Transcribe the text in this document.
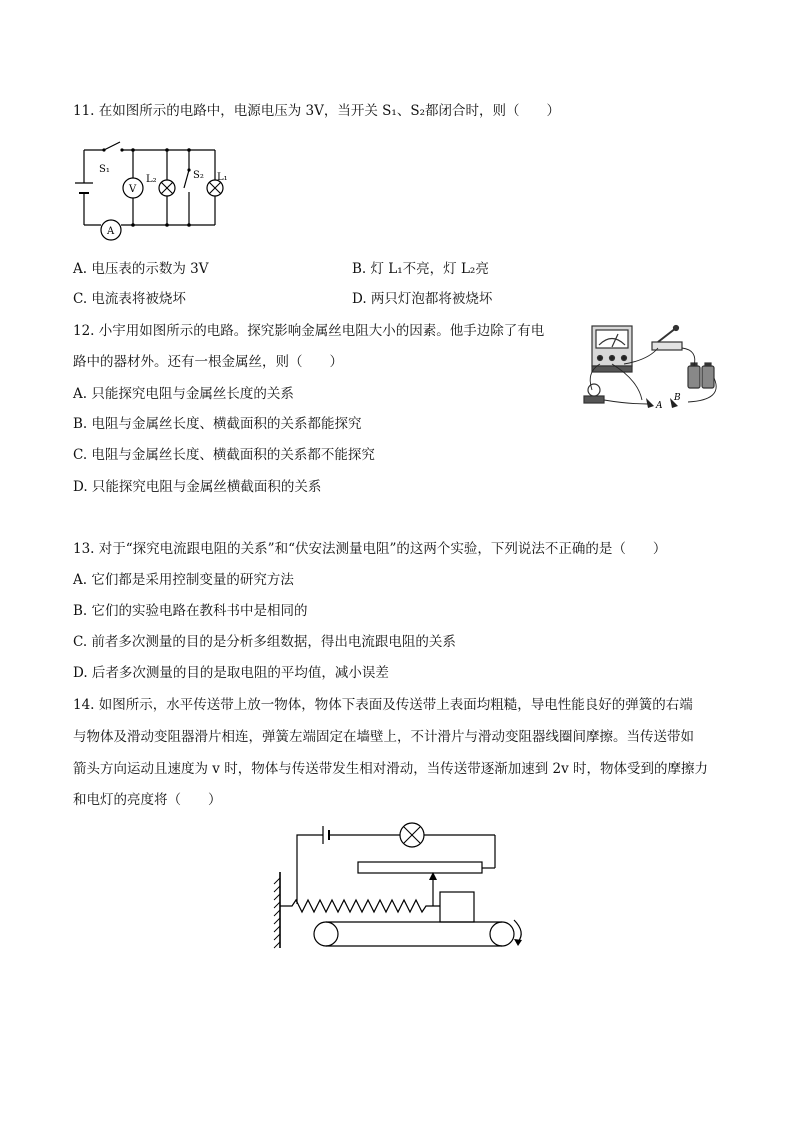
11. 在如图所示的电路中，电源电压为 3V，当开关 S₁、S₂都闭合时，则（　　）
S₁
V
A
L₂	S₂ L₁
A. 电压表的示数为 3V	B. 灯 L₁不亮，灯 L₂亮
C. 电流表将被烧坏	D. 两只灯泡都将被烧坏
12. 小宇用如图所示的电路。探究影响金属丝电阻大小的因素。他手边除了有电
路中的器材外。还有一根金属丝，则（　　）
A. 只能探究电阻与金属丝长度的关系
B. 电阻与金属丝长度、横截面积的关系都能探究
C. 电阻与金属丝长度、横截面积的关系都不能探究
D. 只能探究电阻与金属丝横截面积的关系
A
B
13. 对于“探究电流跟电阻的关系”和“伏安法测量电阻”的这两个实验，下列说法不正确的是（　　）
A. 它们都是采用控制变量的研究方法
B. 它们的实验电路在教科书中是相同的
C. 前者多次测量的目的是分析多组数据，得出电流跟电阻的关系
D. 后者多次测量的目的是取电阻的平均值，减小误差
14. 如图所示，水平传送带上放一物体，物体下表面及传送带上表面均粗糙，导电性能良好的弹簧的右端
与物体及滑动变阻器滑片相连，弹簧左端固定在墙壁上，不计滑片与滑动变阻器线圈间摩擦。当传送带如
箭头方向运动且速度为 v 时，物体与传送带发生相对滑动，当传送带逐渐加速到 2v 时，物体受到的摩擦力
和电灯的亮度将（　　）
